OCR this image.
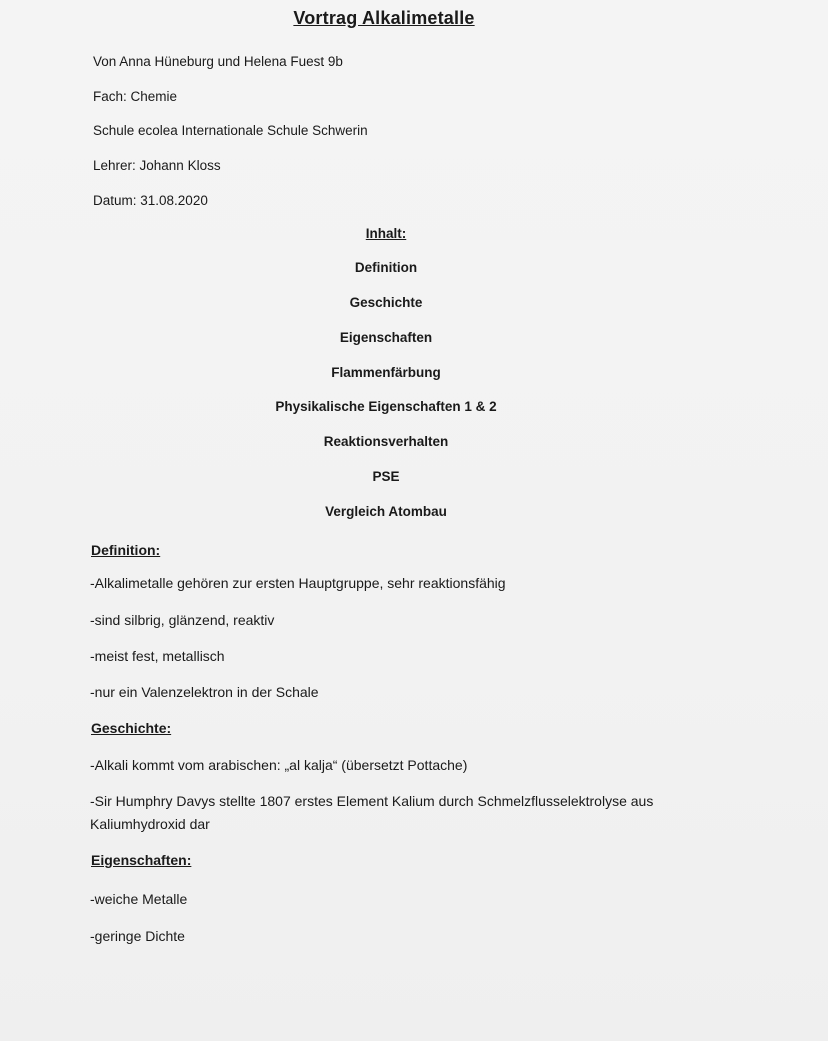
Vortrag Alkalimetalle
Von Anna Hüneburg und Helena Fuest 9b
Fach: Chemie
Schule ecolea Internationale Schule Schwerin
Lehrer: Johann Kloss
Datum: 31.08.2020
Inhalt:
Definition
Geschichte
Eigenschaften
Flammenfärbung
Physikalische Eigenschaften 1 & 2
Reaktionsverhalten
PSE
Vergleich Atombau
Definition:
-Alkalimetalle gehören zur ersten Hauptgruppe, sehr reaktionsfähig
-sind silbrig, glänzend, reaktiv
-meist fest, metallisch
-nur ein Valenzelektron in der Schale
Geschichte:
-Alkali kommt vom arabischen: „al kalja“ (übersetzt Pottache)
-Sir Humphry Davys stellte 1807 erstes Element Kalium durch Schmelzflusselektrolyse aus Kaliumhydroxid dar
Eigenschaften:
-weiche Metalle
-geringe Dichte
